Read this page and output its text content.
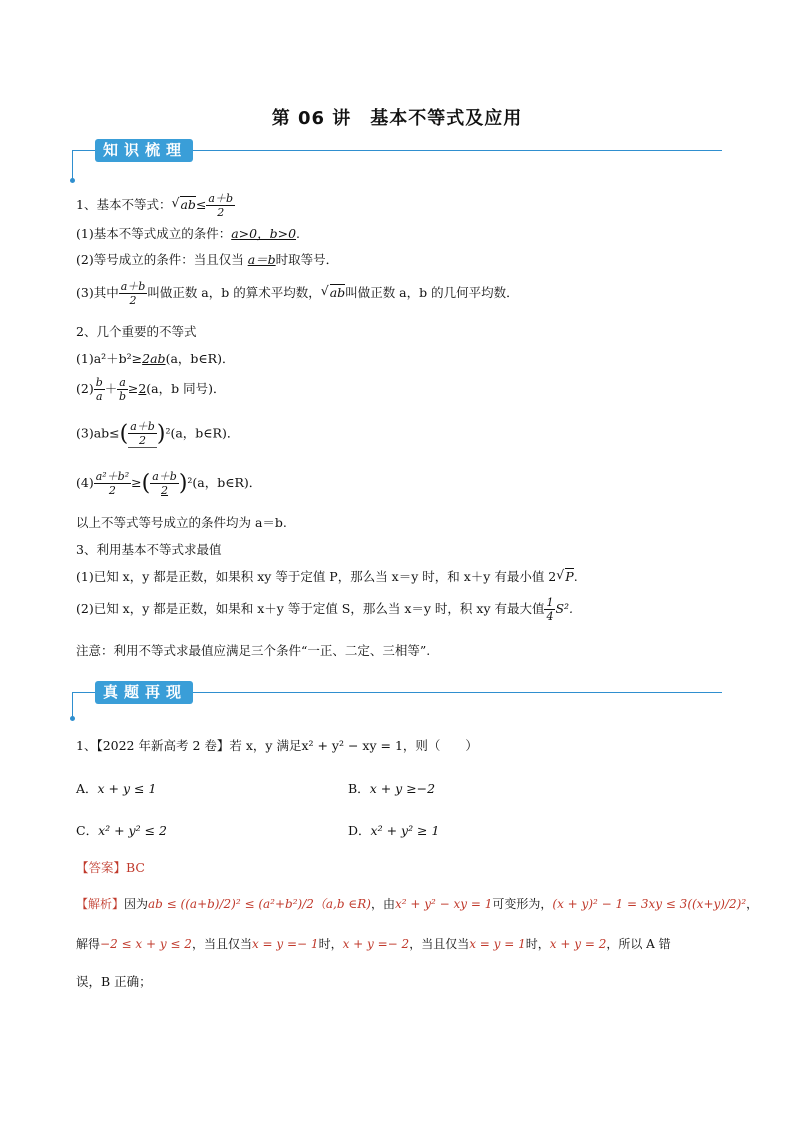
第 06 讲　基本不等式及应用
知识梳理
1、基本不等式： √ $ab\le \frac{a+b}{2}$
(1)基本不等式成立的条件：a>0，b>0.
(2)等号成立的条件：当且仅当 a＝b时取等号．
(3)其中 $\frac{a+b}{2}$ 叫做正数 a，b 的算术平均数， √ ab叫做正数 a，b 的几何平均数．
2、几个重要的不等式
(1)a²＋b²≥2ab(a，b∈R)．
$(2) \frac{b}{a} + \frac{a}{b} \ge 2(a$，b 同号)．
$(3)ab\le( \frac{a+b}{2} )^2(a$，b∈R)．
$(4) \frac{\text{a²＋b²}}{2}$ ≥( $\frac{a+b}{2} )^2(a$，b∈R)．
以上不等式等号成立的条件均为 a＝b.
3、利用基本不等式求最值
(1)已知 x，y 都是正数，如果积 xy 等于定值 P，那么当 x＝y 时，和 x＋y 有最小值 2 √ P.
(2)已知 x，y 都是正数，如果和 x＋y 等于定值 S，那么当 x＝y 时，积 xy 有最大值 $\frac{1}{4} S^2$.
注意：利用不等式求最值应满足三个条件“一正、二定、三相等”.
真题再现
1、【2022 年新高考 2 卷】若 x，y 满足x² + y² − xy = 1，则（　　）
A．x + y ≤ 1	B．x + y ≥−2
C．x² + y² ≤ 2	D．x² + y² ≥ 1
【答案】BC
【解析】因为ab ≤ ((a+b)/2)² ≤ (a²+b²)/2（a,b ∈R)，由x² + y² − xy = 1可变形为，(x + y)² − 1 = 3xy ≤ 3((x+y)/2)²，
解得−2 ≤ x + y ≤ 2，当且仅当x = y =− 1时，x + y =− 2，当且仅当x = y = 1时，x + y = 2，所以 A 错
误，B 正确；
